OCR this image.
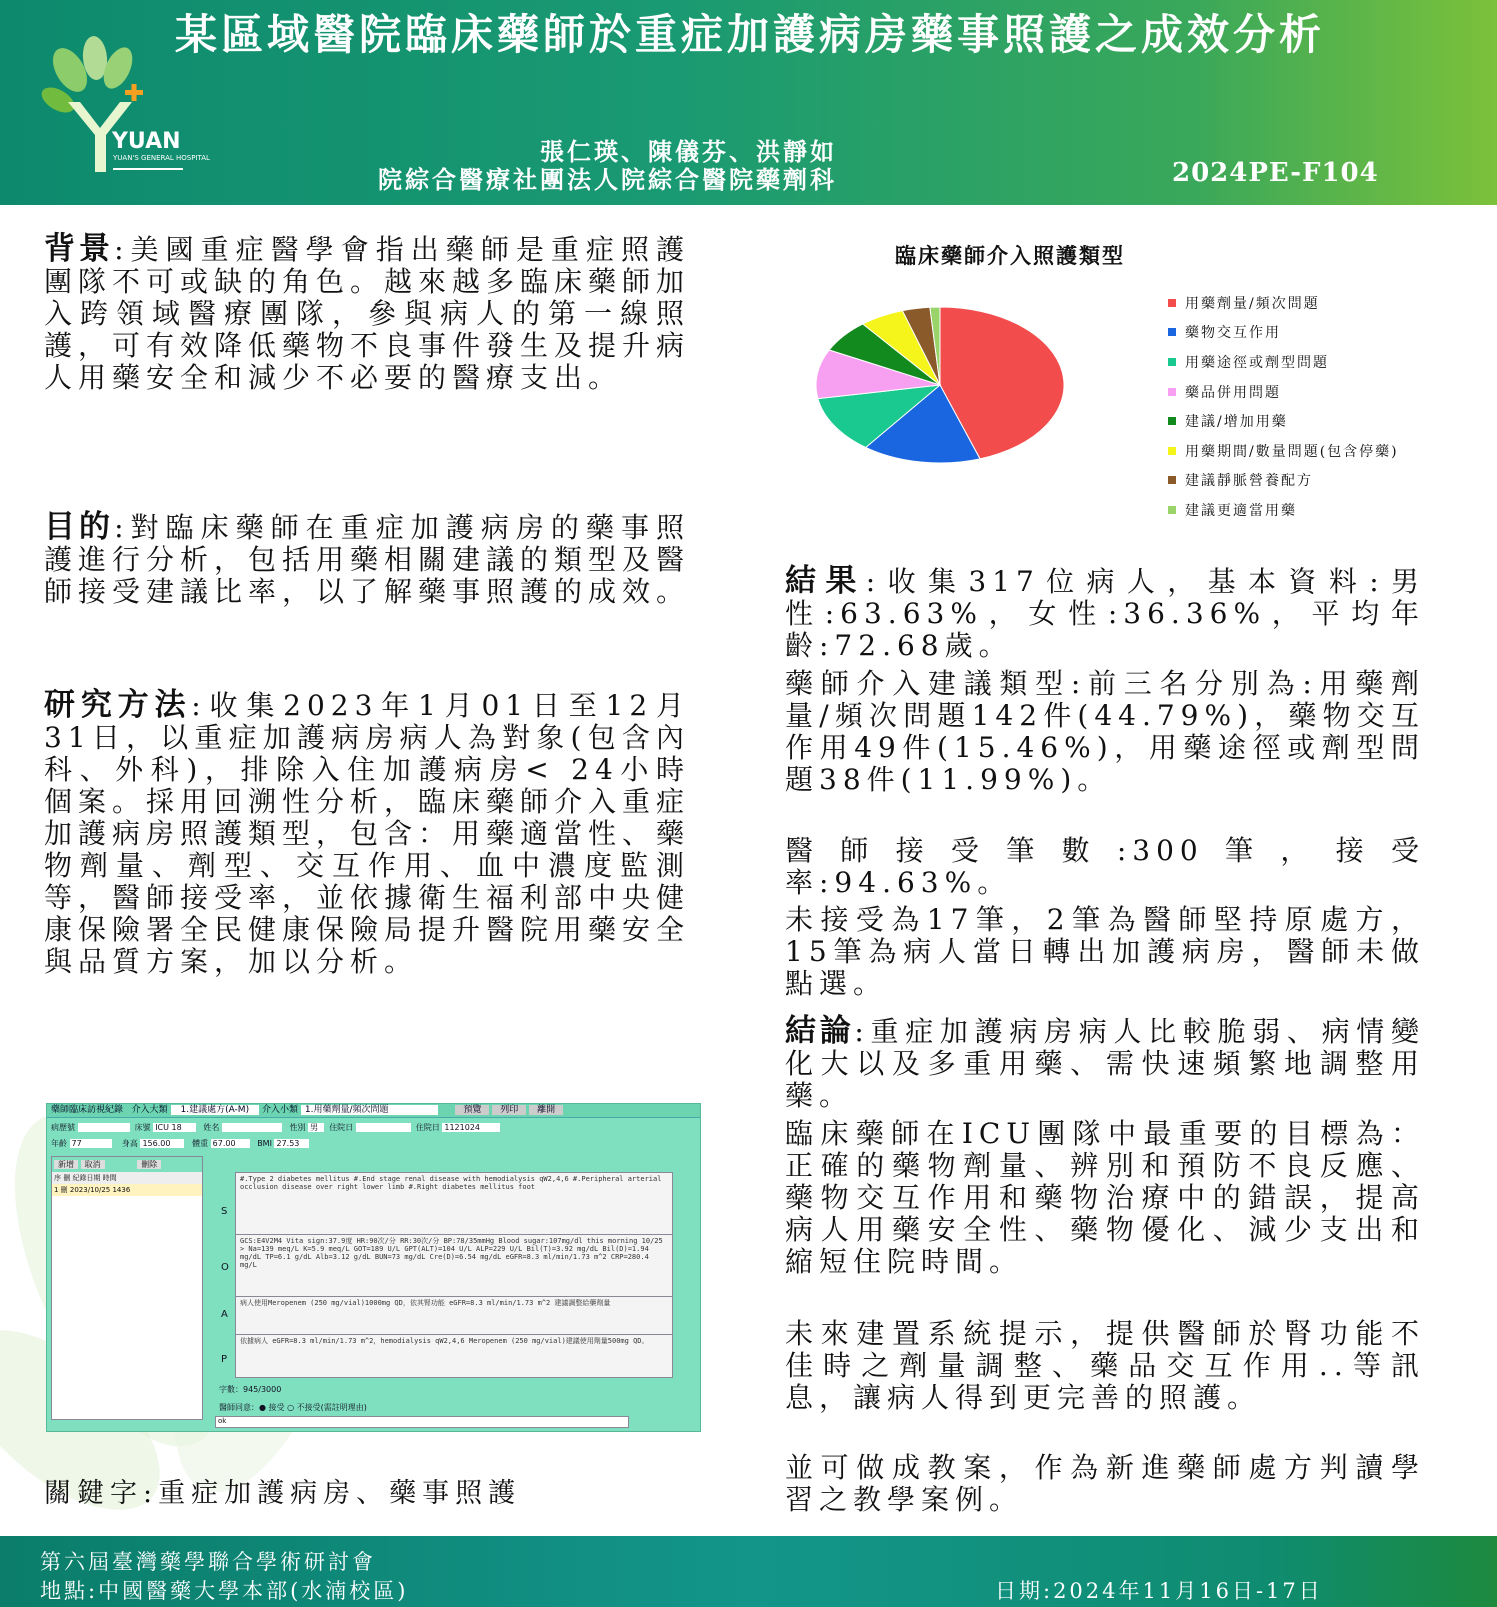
YUAN
YUAN'S GENERAL HOSPITAL
某區域醫院臨床藥師於重症加護病房藥事照護之成效分析
張仁瑛、陳儀芬、洪靜如
院綜合醫療社團法人院綜合醫院藥劑科	2024PE-F104
背景:美國重症醫學會指出藥師是重症照護團隊不可或缺的角色。越來越多臨床藥師加入跨領域醫療團隊，參與病人的第一線照護，可有效降低藥物不良事件發生及提升病人用藥安全和減少不必要的醫療支出。
目的:對臨床藥師在重症加護病房的藥事照護進行分析，包括用藥相關建議的類型及醫師接受建議比率，以了解藥事照護的成效。
研究方法:收集2023年1月01日至12月31日，以重症加護病房病人為對象(包含內科、外科)，排除入住加護病房< 24小時個案。採用回溯性分析，臨床藥師介入重症加護病房照護類型，包含：用藥適當性、藥物劑量、劑型、交互作用、血中濃度監測等，醫師接受率，並依據衛生福利部中央健康保險署全民健康保險局提升醫院用藥安全與品質方案，加以分析。
藥師臨床訪視紀錄 介入大類 1.建議處方(A-M) 介入小類 1.用藥劑量/頻次問題	預覽 列印 離開
病歷號	床號 ICU 18	姓名	性別 男 住院日	住院日 1121024
年齡 77	身高 156.00	體重 67.00	BMI 27.53
新增 取消	刪除
序 刪 紀錄日期 時間
1 刪 2023/10/25 1436
S
#.Type 2 diabetes mellitus #.End stage renal disease with hemodialysis qW2,4,6 #.Peripheral arterial occlusion disease over right lower limb #.Right diabetes mellitus foot
O
GCS:E4V2M4 Vita sign:37.9度 HR:90次/分 RR:30次/分 BP:78/35mmHg Blood sugar:107mg/dl this morning 10/25 > Na=139 meq/L K=5.9 meq/L GOT=189 U/L GPT(ALT)=104 U/L ALP=229 U/L Bil(T)=3.92 mg/dL Bil(D)=1.94 mg/dL TP=6.1 g/dL Alb=3.12 g/dL BUN=73 mg/dL Cre(D)=6.54 mg/dL eGFR=8.3 ml/min/1.73 m^2 CRP=280.4 mg/L
A
病人使用Meropenem (250 mg/vial)1000mg QD，依其腎功能 eGFR=8.3 ml/min/1.73 m^2 建議調整給藥劑量
P
依據病人 eGFR=8.3 ml/min/1.73 m^2，hemodialysis qW2,4,6 Meropenem (250 mg/vial)建議使用劑量500mg QD。
字數：945/3000
醫師同意：● 接受 ○ 不接受(需註明理由)
ok
關鍵字:重症加護病房、藥事照護
臨床藥師介入照護類型
用藥劑量/頻次問題
藥物交互作用
用藥途徑或劑型問題
藥品併用問題
建議/增加用藥
用藥期間/數量問題(包含停藥)
建議靜脈營養配方
建議更適當用藥
結果:收集317位病人，基本資料:男性:63.63%，女性:36.36%，平均年齡:72.68歲。
藥師介入建議類型:前三名分別為:用藥劑量/頻次問題142件(44.79%)，藥物交互作用49件(15.46%)，用藥途徑或劑型問題38件(11.99%)。
醫師接受筆數:300筆，接受率:94.63%。
未接受為17筆，2筆為醫師堅持原處方，15筆為病人當日轉出加護病房，醫師未做點選。
結論:重症加護病房病人比較脆弱、病情變化大以及多重用藥、需快速頻繁地調整用藥。
臨床藥師在ICU團隊中最重要的目標為：正確的藥物劑量、辨別和預防不良反應、藥物交互作用和藥物治療中的錯誤，提高病人用藥安全性、藥物優化、減少支出和縮短住院時間。
未來建置系統提示，提供醫師於腎功能不佳時之劑量調整、藥品交互作用..等訊息，讓病人得到更完善的照護。
並可做成教案，作為新進藥師處方判讀學習之教學案例。
第六屆臺灣藥學聯合學術研討會
地點:中國醫藥大學本部(水湳校區)	日期:2024年11月16日-17日
